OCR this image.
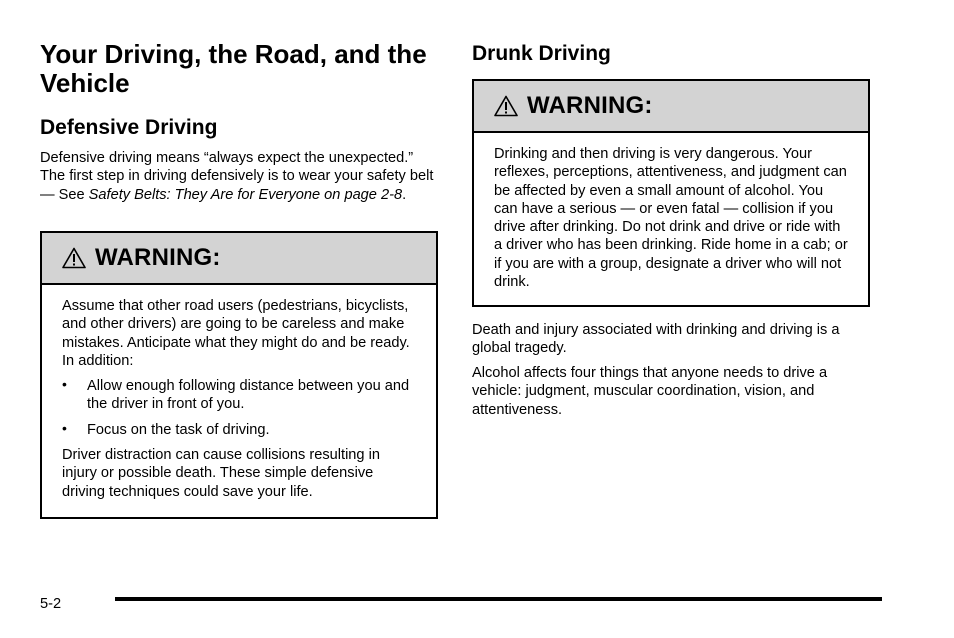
Your Driving, the Road, and the Vehicle
Defensive Driving

Defensive driving means “always expect the unexpected.” The first step in driving defensively is to wear your safety belt — See Safety Belts: They Are for Everyone on page 2-8.

WARNING:

Assume that other road users (pedestrians, bicyclists, and other drivers) are going to be careless and make mistakes. Anticipate what they might do and be ready. In addition:

• Allow enough following distance between you and the driver in front of you.
• Focus on the task of driving.

Driver distraction can cause collisions resulting in injury or possible death. These simple defensive driving techniques could save your life.

Drunk Driving
WARNING:

Drinking and then driving is very dangerous. Your reflexes, perceptions, attentiveness, and judgment can be affected by even a small amount of alcohol. You can have a serious — or even fatal — collision if you drive after drinking. Do not drink and drive or ride with a driver who has been drinking. Ride home in a cab; or if you are with a group, designate a driver who will not drink.

Death and injury associated with drinking and driving is a global tragedy.

Alcohol affects four things that anyone needs to drive a vehicle: judgment, muscular coordination, vision, and attentiveness.

5-2
